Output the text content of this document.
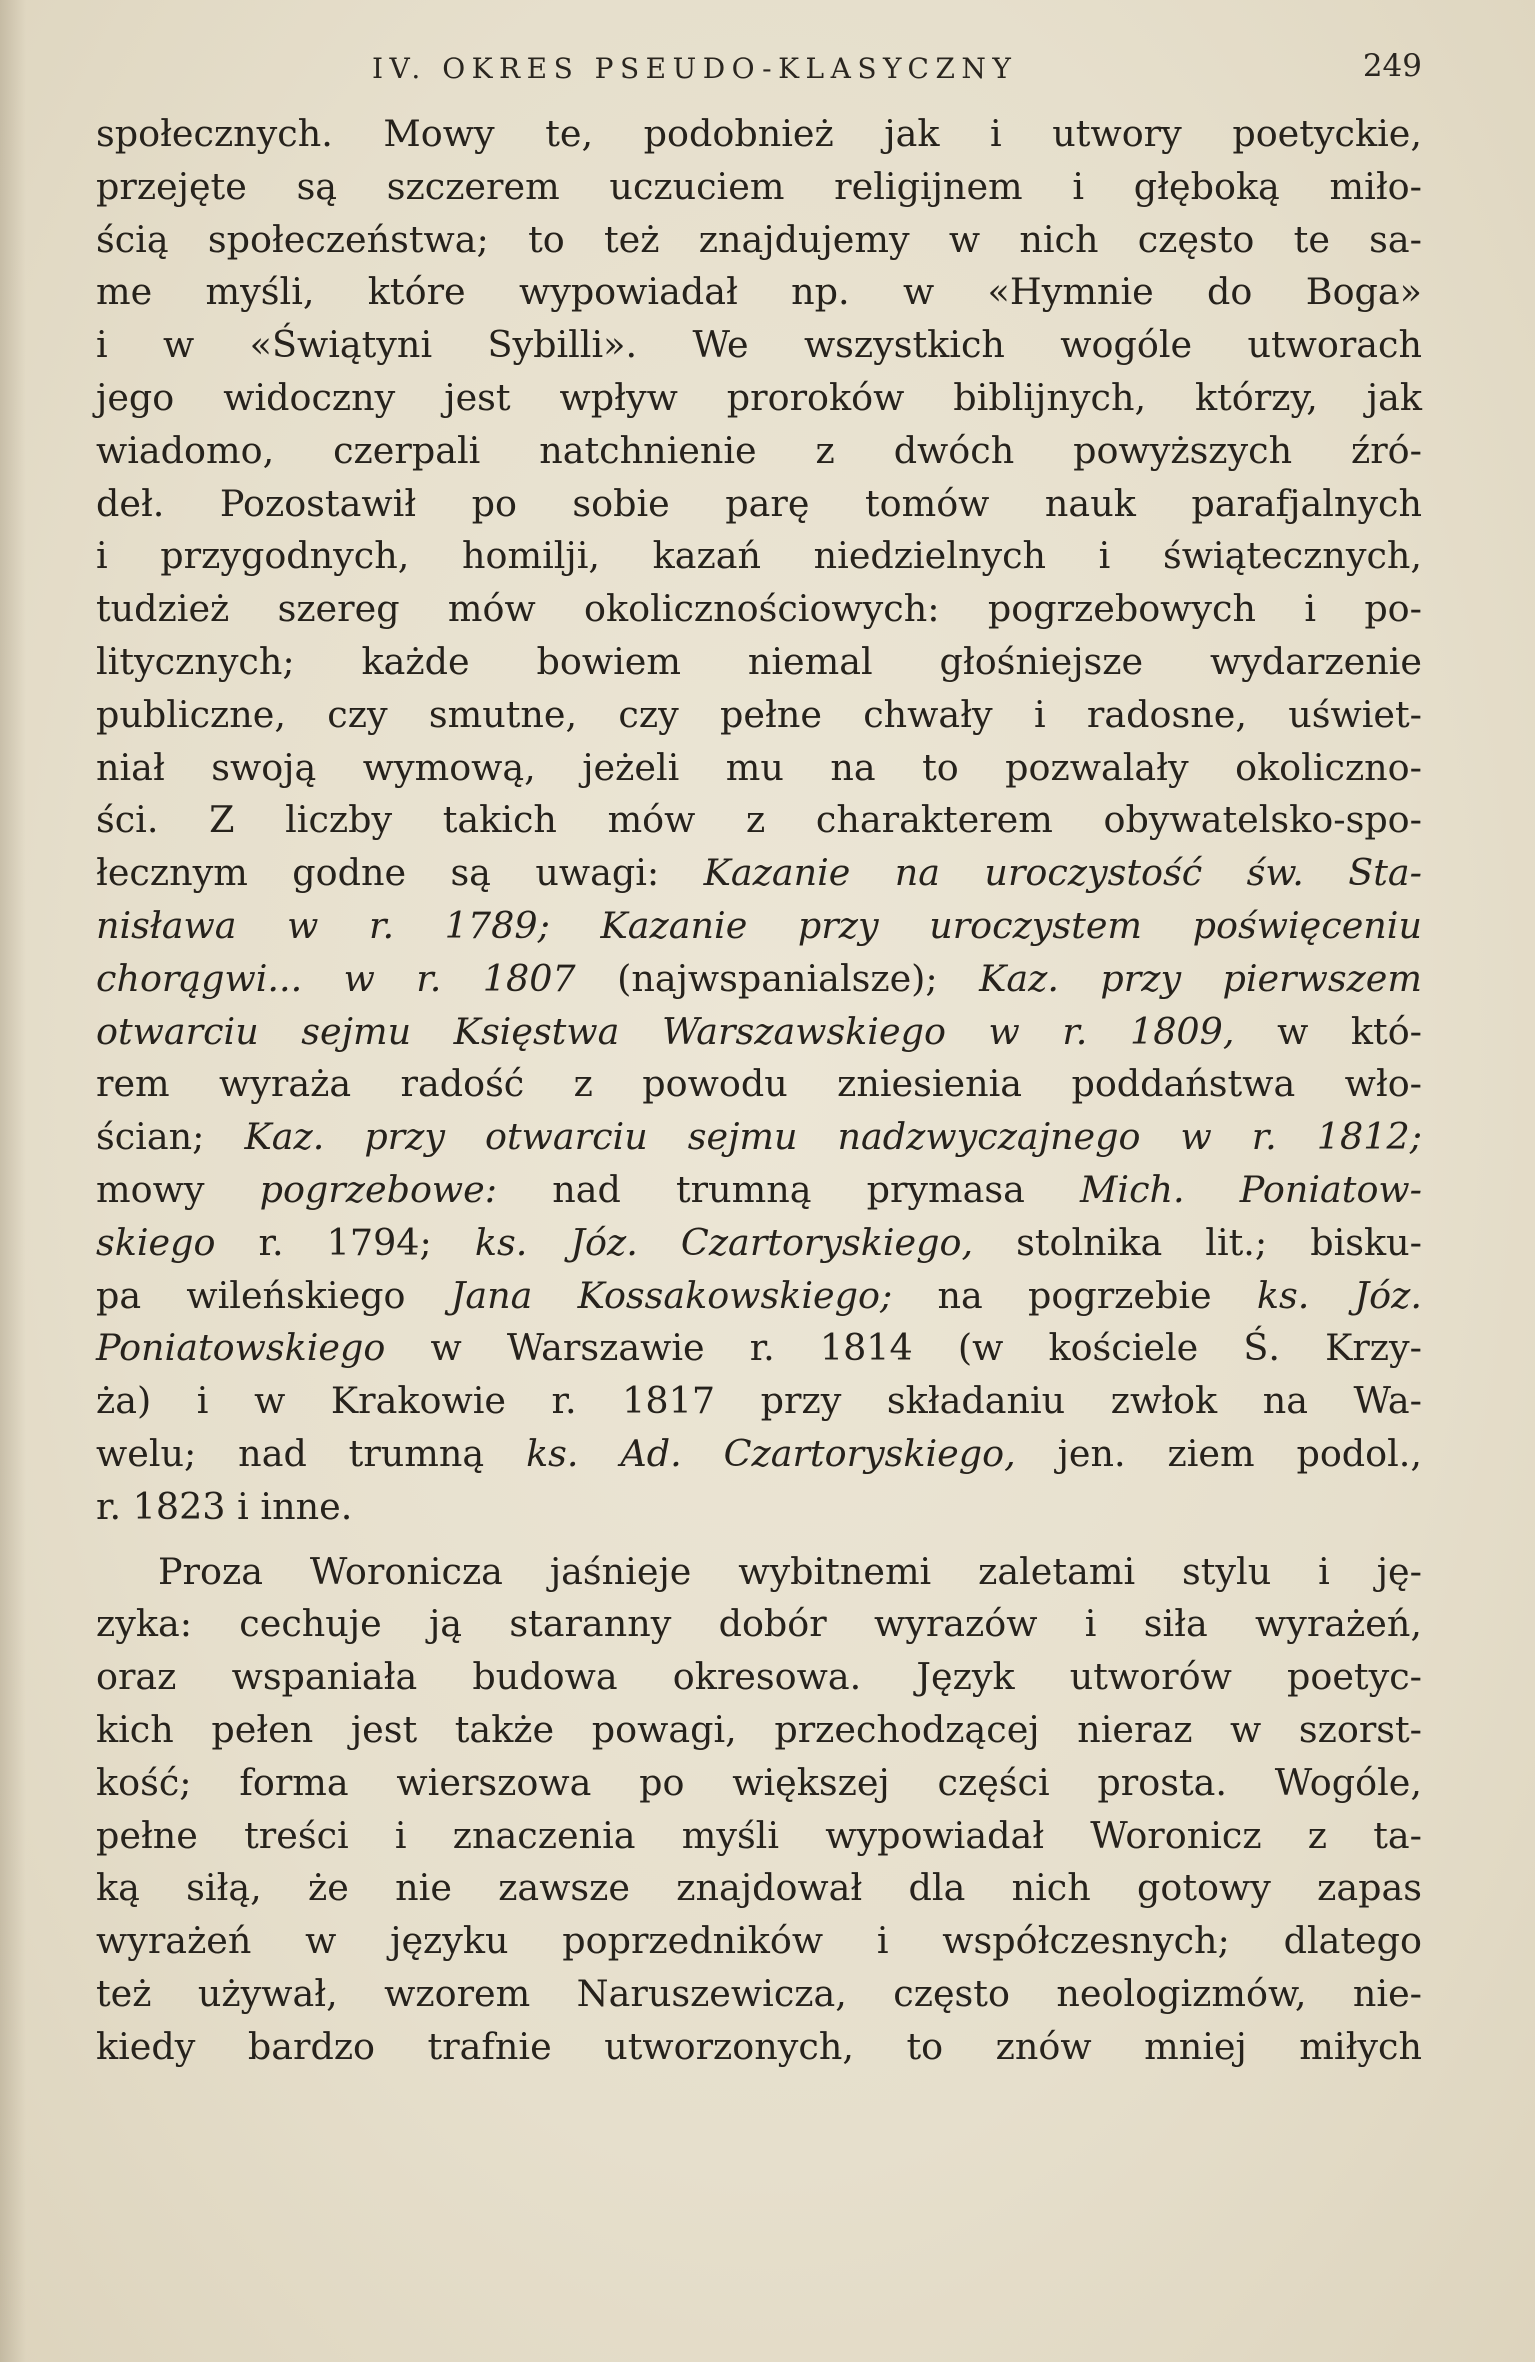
IV. OKRES PSEUDO-KLASYCZNY	249
społecznych. Mowy te, podobnież jak i utwory poetyckie,
przejęte są szczerem uczuciem religijnem i głęboką miło-
ścią społeczeństwa; to też znajdujemy w nich często te sa-
me myśli, które wypowiadał np. w «Hymnie do Boga»
i w «Świątyni Sybilli». We wszystkich wogóle utworach
jego widoczny jest wpływ proroków biblijnych, którzy, jak
wiadomo, czerpali natchnienie z dwóch powyższych źró-
deł. Pozostawił po sobie parę tomów nauk parafjalnych
i przygodnych, homilji, kazań niedzielnych i świątecznych,
tudzież szereg mów okolicznościowych: pogrzebowych i po-
litycznych; każde bowiem niemal głośniejsze wydarzenie
publiczne, czy smutne, czy pełne chwały i radosne, uświet-
niał swoją wymową, jeżeli mu na to pozwalały okoliczno-
ści. Z liczby takich mów z charakterem obywatelsko-spo-
łecznym godne są uwagi: Kazanie na uroczystość św. Sta-
nisława w r. 1789; Kazanie przy uroczystem poświęceniu
chorągwi... w r. 1807 (najwspanialsze); Kaz. przy pierwszem
otwarciu sejmu Księstwa Warszawskiego w r. 1809, w któ-
rem wyraża radość z powodu zniesienia poddaństwa wło-
ścian; Kaz. przy otwarciu sejmu nadzwyczajnego w r. 1812;
mowy pogrzebowe: nad trumną prymasa Mich. Poniatow-
skiego r. 1794; ks. Józ. Czartoryskiego, stolnika lit.; bisku-
pa wileńskiego Jana Kossakowskiego; na pogrzebie ks. Józ.
Poniatowskiego w Warszawie r. 1814 (w kościele Ś. Krzy-
ża) i w Krakowie r. 1817 przy składaniu zwłok na Wa-
welu; nad trumną ks. Ad. Czartoryskiego, jen. ziem podol.,
r. 1823 i inne.
Proza Woronicza jaśnieje wybitnemi zaletami stylu i ję-
zyka: cechuje ją staranny dobór wyrazów i siła wyrażeń,
oraz wspaniała budowa okresowa. Język utworów poetyc-
kich pełen jest także powagi, przechodzącej nieraz w szorst-
kość; forma wierszowa po większej części prosta. Wogóle,
pełne treści i znaczenia myśli wypowiadał Woronicz z ta-
ką siłą, że nie zawsze znajdował dla nich gotowy zapas
wyrażeń w języku poprzedników i współczesnych; dlatego
też używał, wzorem Naruszewicza, często neologizmów, nie-
kiedy bardzo trafnie utworzonych, to znów mniej miłych
